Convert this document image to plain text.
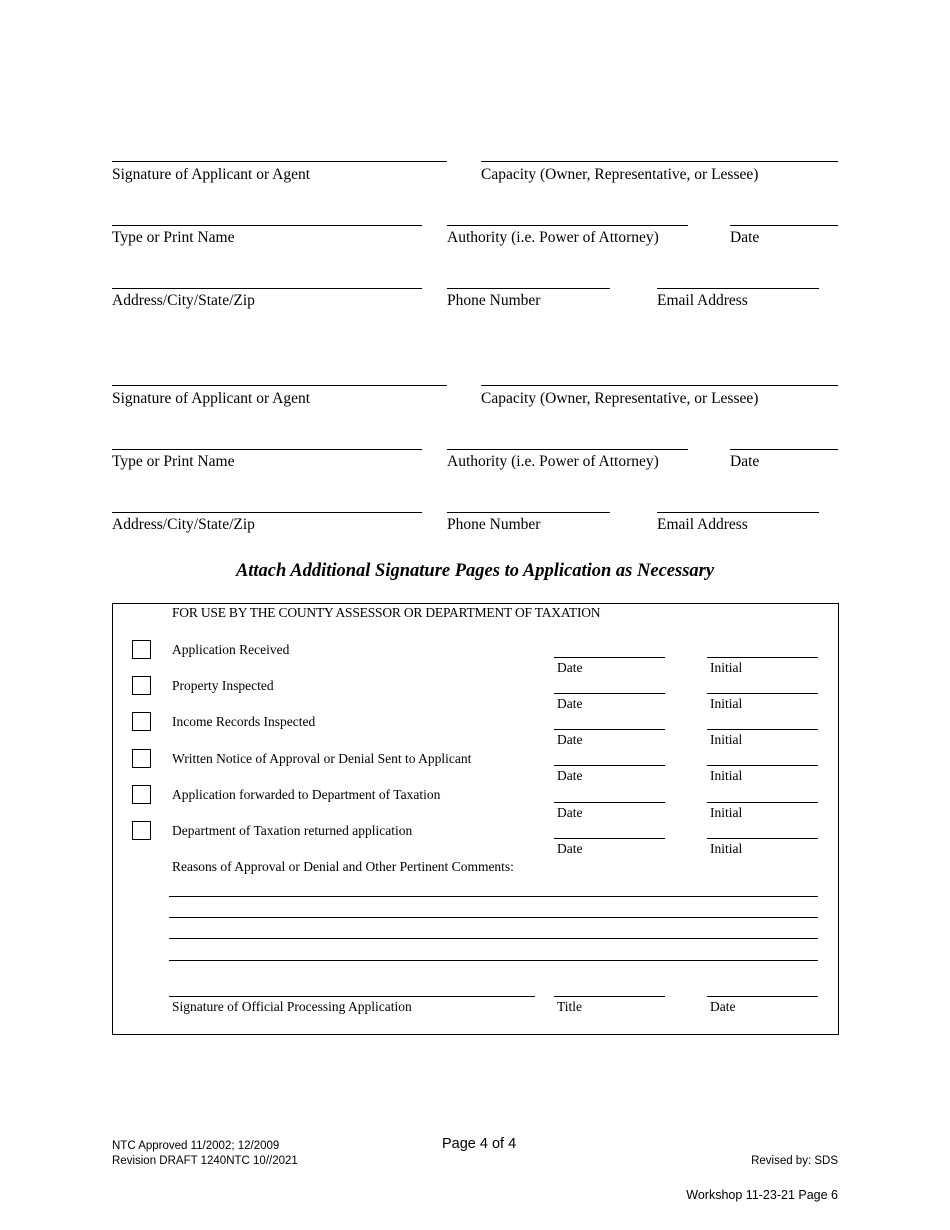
Signature of Applicant or Agent	Capacity (Owner, Representative, or Lessee)
Type or Print Name	Authority (i.e. Power of Attorney)	Date
Address/City/State/Zip	Phone Number	Email Address
Signature of Applicant or Agent	Capacity (Owner, Representative, or Lessee)
Type or Print Name	Authority (i.e. Power of Attorney)	Date
Address/City/State/Zip	Phone Number	Email Address
Attach Additional Signature Pages to Application as Necessary
FOR USE BY THE COUNTY ASSESSOR OR DEPARTMENT OF TAXATION
Application Received
Date	Initial
Property Inspected
Date	Initial
Income Records Inspected
Date	Initial
Written Notice of Approval or Denial Sent to Applicant
Date	Initial
Application forwarded to Department of Taxation
Date	Initial
Department of Taxation returned application
Date	Initial
Reasons of Approval or Denial and Other Pertinent Comments:
Signature of Official Processing Application	Title	Date
NTC Approved 11/2002; 12/2009
Revision DRAFT 1240NTC 10//2021
Page 4 of 4
Revised by: SDS
Workshop 11-23-21 Page 6
